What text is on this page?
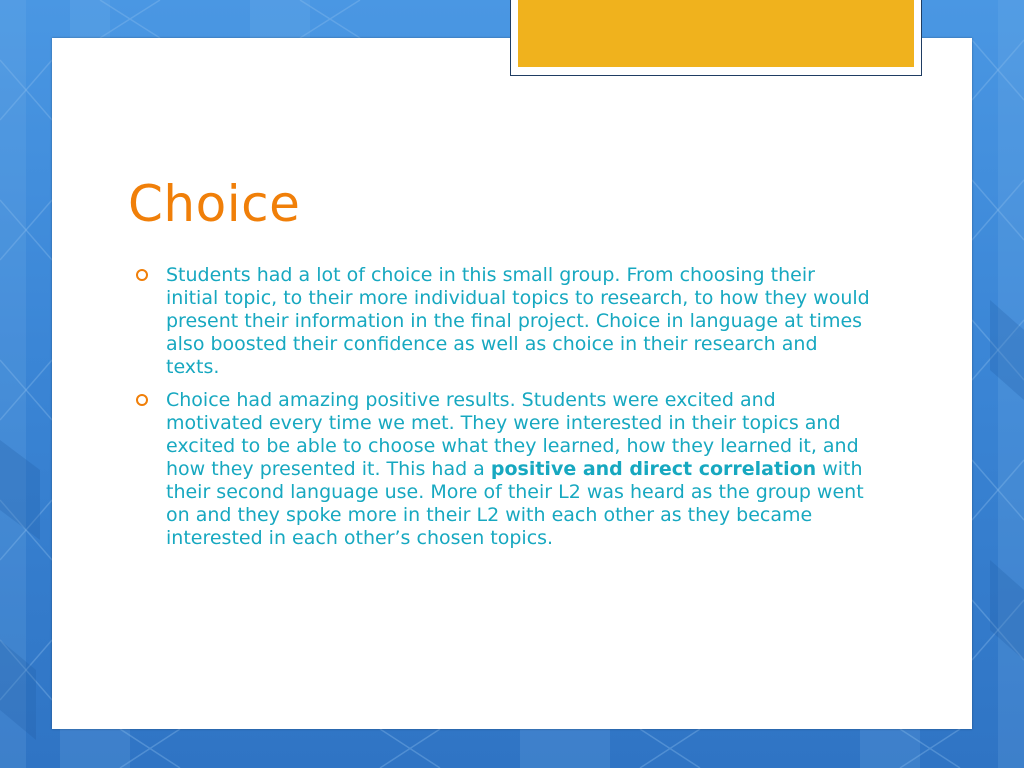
Choice
Students had a lot of choice in this small group. From choosing their initial topic, to their more individual topics to research, to how they would present their information in the final project. Choice in language at times also boosted their confidence as well as choice in their research and texts.
Choice had amazing positive results. Students were excited and motivated every time we met. They were interested in their topics and excited to be able to choose what they learned, how they learned it, and how they presented it. This had a positive and direct correlation with their second language use. More of their L2 was heard as the group went on and they spoke more in their L2 with each other as they became interested in each other’s chosen topics.
